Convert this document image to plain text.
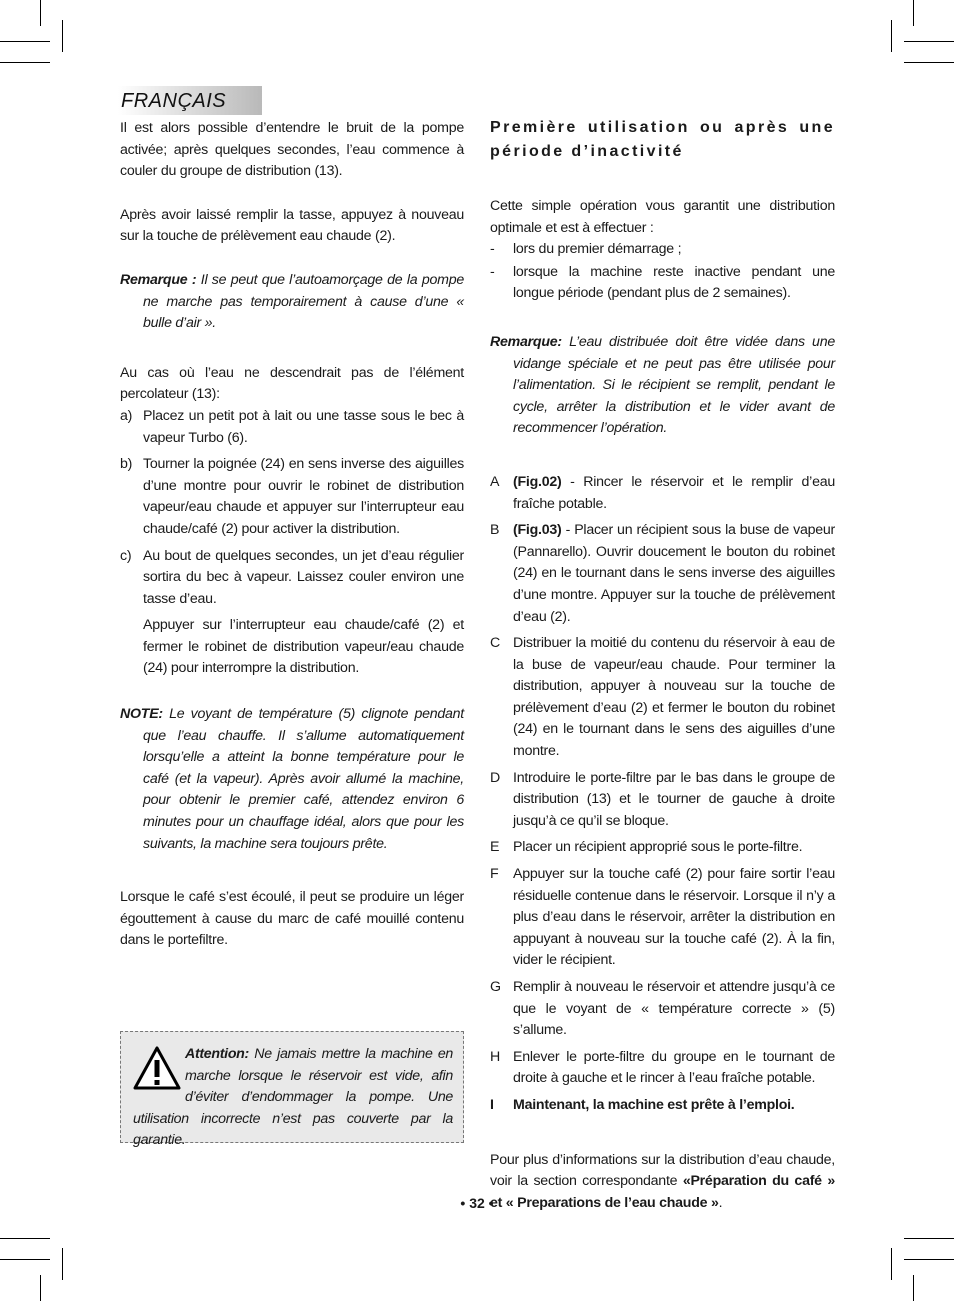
FRANÇAIS

Il est alors possible d’entendre le bruit de la pompe activée; après quelques secondes, l’eau commence à couler du groupe de distribution (13).

Après avoir laissé remplir la tasse, appuyez à nouveau sur la touche de prélèvement eau chaude (2).

Remarque : Il se peut que l’autoamorçage de la pompe ne marche pas temporairement à cause d’une « bulle d’air ».

Au cas où l’eau ne descendrait pas de l’élément percolateur (13):

a) Placez un petit pot à lait ou une tasse sous le bec à vapeur Turbo (6).
b) Tourner la poignée (24) en sens inverse des aiguilles d’une montre pour ouvrir le robinet de distribution vapeur/eau chaude et appuyer sur l’interrupteur eau chaude/café (2) pour activer la distribution.
c) Au bout de quelques secondes, un jet d’eau régulier sortira du bec à vapeur. Laissez couler environ une tasse d’eau.
Appuyer sur l’interrupteur eau chaude/café (2) et fermer le robinet de distribution vapeur/eau chaude (24) pour interrompre la distribution.

NOTE: Le voyant de température (5) clignote pendant que l’eau chauffe. Il s’allume automatiquement lorsqu’elle a atteint la bonne température pour le café (et la vapeur). Après avoir allumé la machine, pour obtenir le premier café, attendez environ 6 minutes pour un chauffage idéal, alors que pour les suivants, la machine sera toujours prête.

Lorsque le café s’est écoulé, il peut se produire un léger égouttement à cause du marc de café mouillé contenu dans le portefiltre.

Attention: Ne jamais mettre la machine en marche lorsque le réservoir est vide, afin d’éviter d’endommager la pompe. Une utilisation incorrecte n’est pas couverte par la garantie.

Première utilisation ou après une période d’inactivité

Cette simple opération vous garantit une distribution optimale et est à effectuer :

-	lors du premier démarrage ;
-	lorsque la machine reste inactive pendant une longue période (pendant plus de 2 semaines).

Remarque: L’eau distribuée doit être vidée dans une vidange spéciale et ne peut pas être utilisée pour l’alimentation. Si le récipient se remplit, pendant le cycle, arrêter la distribution et le vider avant de recommencer l’opération.

A (Fig.02) - Rincer le réservoir et le remplir d’eau fraîche potable.
B (Fig.03) - Placer un récipient sous la buse de vapeur (Pannarello). Ouvrir doucement le bouton du robinet (24) en le tournant dans le sens inverse des aiguilles d’une montre. Appuyer sur la touche de prélèvement d’eau (2).
C Distribuer la moitié du contenu du réservoir à eau de la buse de vapeur/eau chaude. Pour terminer la distribution, appuyer à nouveau sur la touche de prélèvement d’eau (2) et fermer le bouton du robinet (24) en le tournant dans le sens des aiguilles d’une montre.
D Introduire le porte-filtre par le bas dans le groupe de distribution (13) et le tourner de gauche à droite jusqu’à ce qu’il se bloque.
E Placer un récipient approprié sous le porte-filtre.
F	Appuyer sur la touche café (2) pour faire sortir l’eau résiduelle contenue dans le réservoir. Lorsque il n’y a plus d’eau dans le réservoir, arrêter la distribution en appuyant à nouveau sur la touche café (2). À la fin, vider le récipient.
G Remplir à nouveau le réservoir et attendre jusqu’à ce que le voyant de « température correcte » (5) s’allume.
H Enlever le porte-filtre du groupe en le tournant de droite à gauche et le rincer à l’eau fraîche potable.
I	Maintenant, la machine est prête à l’emploi.

Pour plus d’informations sur la distribution d’eau chaude, voir la section correspondante «Préparation du café » et « Preparations de l’eau chaude ».

• 32 •
